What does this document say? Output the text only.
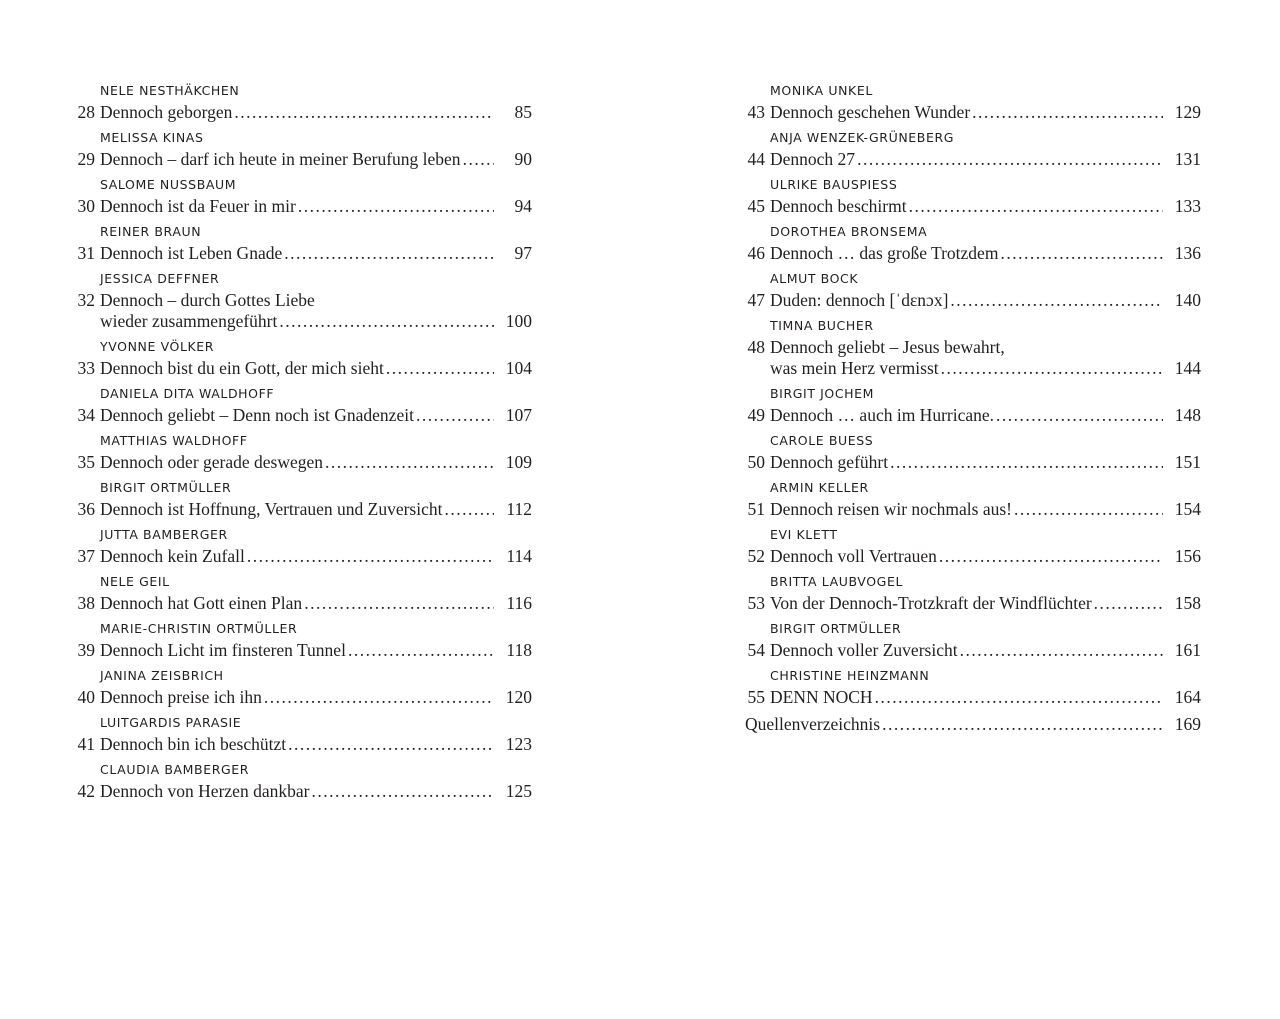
NELE NESTHÄKCHEN
28 Dennoch geborgen .....	85
MELISSA KINAS
29 Dennoch – darf ich heute in meiner Berufung leben .....	90
SALOME NUSSBAUM
30 Dennoch ist da Feuer in mir .....	94
REINER BRAUN
31 Dennoch ist Leben Gnade .....	97
JESSICA DEFFNER
32 Dennoch – durch Gottes Liebe
wieder zusammengeführt .....	100
YVONNE VÖLKER
33 Dennoch bist du ein Gott, der mich sieht .....	104
DANIELA DITA WALDHOFF
34 Dennoch geliebt – Denn noch ist Gnadenzeit .....	107
MATTHIAS WALDHOFF
35 Dennoch oder gerade deswegen .....	109
BIRGIT ORTMÜLLER
36 Dennoch ist Hoffnung, Vertrauen und Zuversicht .....	112
JUTTA BAMBERGER
37 Dennoch kein Zufall .....	114
NELE GEIL
38 Dennoch hat Gott einen Plan .....	116
MARIE-CHRISTIN ORTMÜLLER
39 Dennoch Licht im finsteren Tunnel .....	118
JANINA ZEISBRICH
40 Dennoch preise ich ihn .....	120
LUITGARDIS PARASIE
41 Dennoch bin ich beschützt .....	123
CLAUDIA BAMBERGER
42 Dennoch von Herzen dankbar .....	125
MONIKA UNKEL
43 Dennoch geschehen Wunder .....	129
ANJA WENZEK-GRÜNEBERG
44 Dennoch 27 .....	131
ULRIKE BAUSPIESS
45 Dennoch beschirmt .....	133
DOROTHEA BRONSEMA
46 Dennoch … das große Trotzdem .....	136
ALMUT BOCK
47 Duden: dennoch [ˈdɛnɔx] .....	140
TIMNA BUCHER
48 Dennoch geliebt – Jesus bewahrt,
was mein Herz vermisst .....	144
BIRGIT JOCHEM
49 Dennoch … auch im Hurricane. .....	148
CAROLE BUESS
50 Dennoch geführt .....	151
ARMIN KELLER
51 Dennoch reisen wir nochmals aus! .....	154
EVI KLETT
52 Dennoch voll Vertrauen .....	156
BRITTA LAUBVOGEL
53 Von der Dennoch-Trotzkraft der Windflüchter .....	158
BIRGIT ORTMÜLLER
54 Dennoch voller Zuversicht .....	161
CHRISTINE HEINZMANN
55 DENN NOCH .....	164
Quellenverzeichnis .....	169
